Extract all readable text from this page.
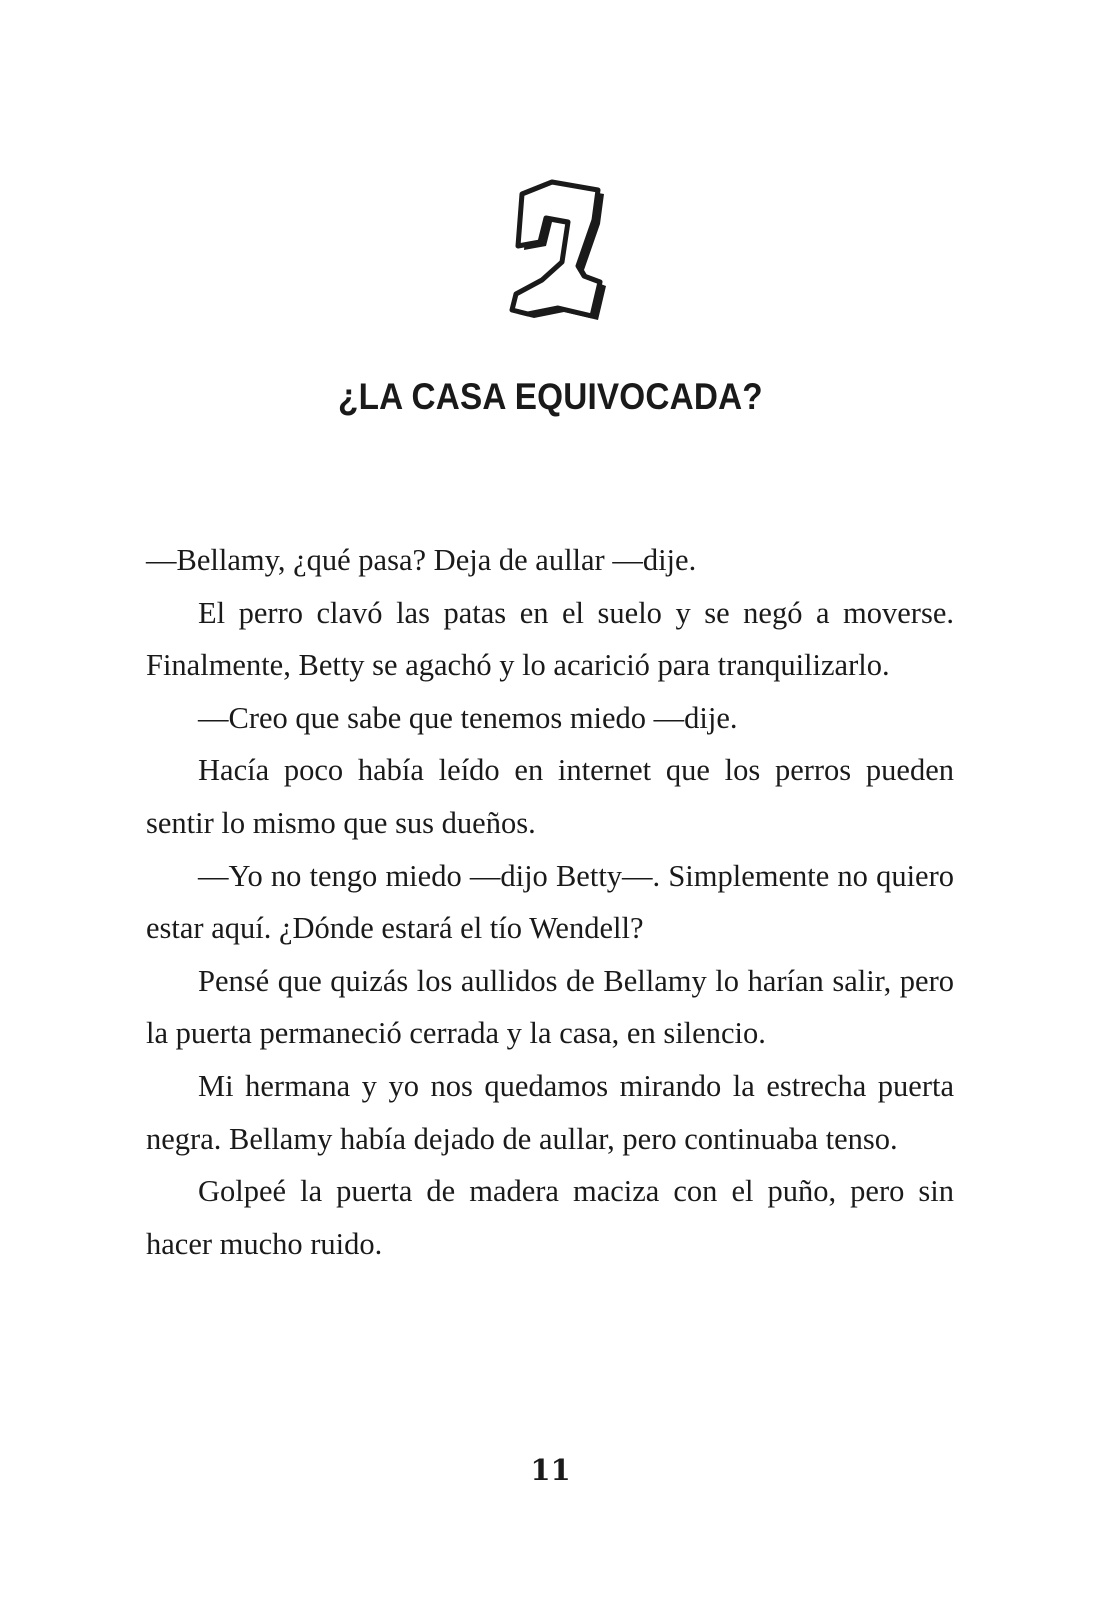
¿LA CASA EQUIVOCADA?

—Bellamy, ¿qué pasa? Deja de aullar —dije.

El perro clavó las patas en el suelo y se negó a moverse. Finalmente, Betty se agachó y lo acarició para tranquilizarlo.

—Creo que sabe que tenemos miedo —dije.

Hacía poco había leído en internet que los perros pueden sentir lo mismo que sus dueños.

—Yo no tengo miedo —dijo Betty—. Simplemente no quiero estar aquí. ¿Dónde estará el tío Wendell?

Pensé que quizás los aullidos de Bellamy lo harían salir, pero la puerta permaneció cerrada y la casa, en silencio.

Mi hermana y yo nos quedamos mirando la estrecha puerta negra. Bellamy había dejado de aullar, pero continuaba tenso.

Golpeé la puerta de madera maciza con el puño, pero sin hacer mucho ruido.

11
